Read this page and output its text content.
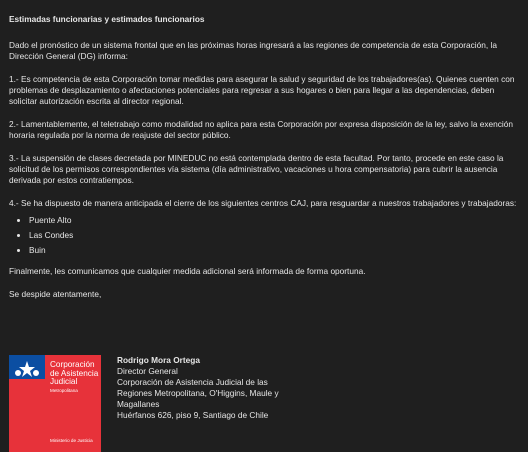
Estimadas funcionarias y estimados funcionarios

Dado el pronóstico de un sistema frontal que en las próximas horas ingresará a las regiones de competencia de esta Corporación, la Dirección General (DG) informa:

1.- Es competencia de esta Corporación tomar medidas para asegurar la salud y seguridad de los trabajadores(as). Quienes cuenten con problemas de desplazamiento o afectaciones potenciales para regresar a sus hogares o bien para llegar a las dependencias, deben solicitar autorización escrita al director regional.

2.- Lamentablemente, el teletrabajo como modalidad no aplica para esta Corporación por expresa disposición de la ley, salvo la exención horaria regulada por la norma de reajuste del sector público.

3.- La suspensión de clases decretada por MINEDUC no está contemplada dentro de esta facultad. Por tanto, procede en este caso la solicitud de los permisos correspondientes vía sistema (día administrativo, vacaciones u hora compensatoria) para cubrir la ausencia derivada por estos contratiempos.

4.- Se ha dispuesto de manera anticipada el cierre de los siguientes centros CAJ, para resguardar a nuestros trabajadores y trabajadoras:

• Puente Alto
• Las Condes
• Buin

Finalmente, les comunicamos que cualquier medida adicional será informada de forma oportuna.

Se despide atentamente,

Corporación
de Asistencia
Judicial
Metropolitana
Ministerio de Justicia
Rodrigo Mora Ortega
Director General
Corporación de Asistencia Judicial de las
Regiones Metropolitana, O'Higgins, Maule y
Magallanes
Huérfanos 626, piso 9, Santiago de Chile
